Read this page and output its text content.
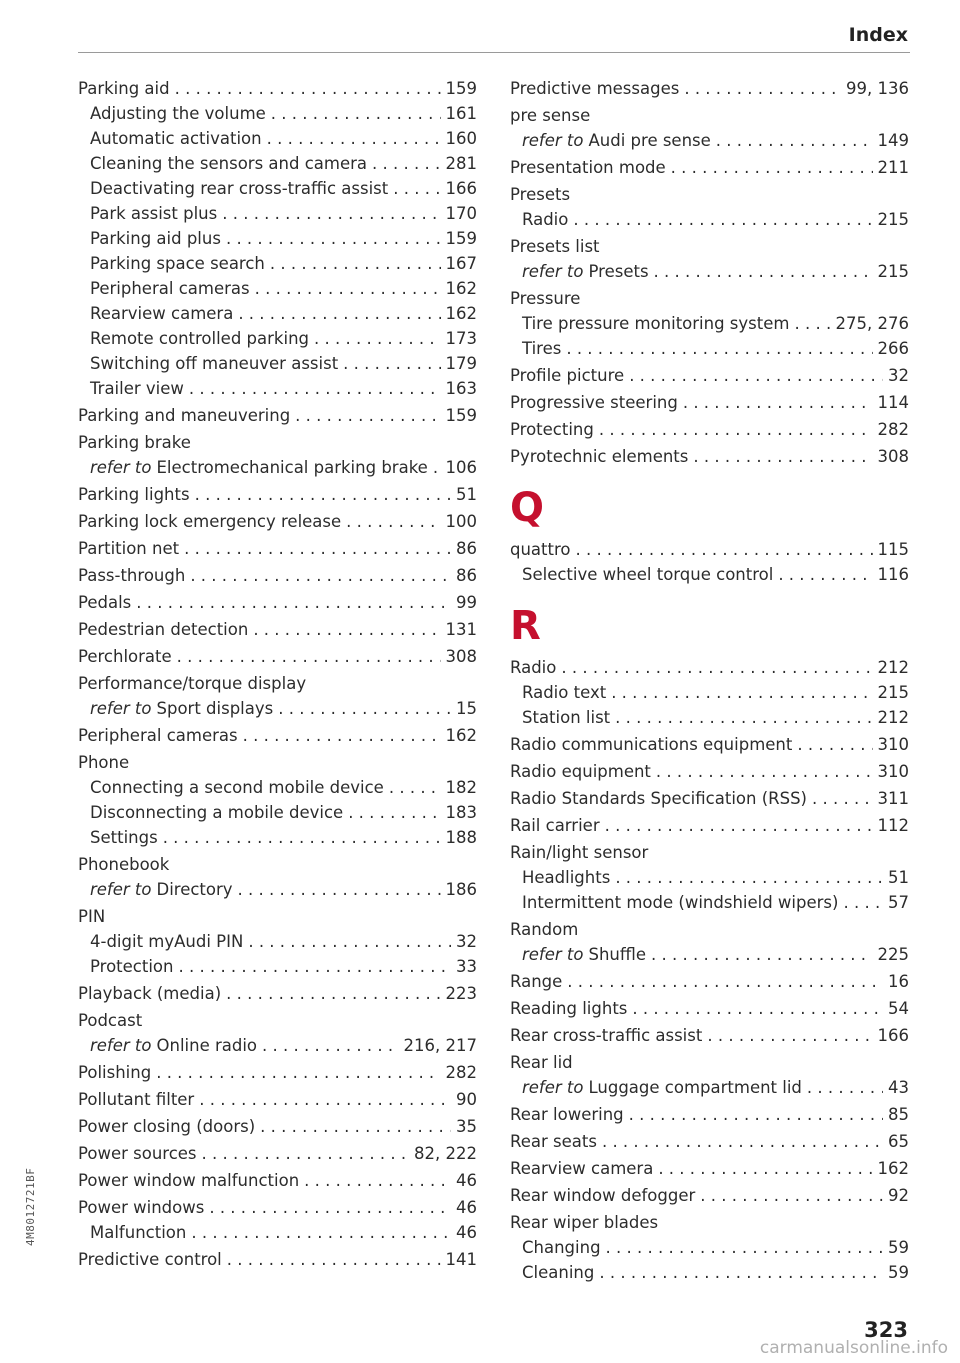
Index
Parking aid . . .	159
Adjusting the volume . . .	161
Automatic activation . . .	160
Cleaning the sensors and camera . . .	281
Deactivating rear cross-traffic assist . . .	166
Park assist plus . . .	170
Parking aid plus . . .	159
Parking space search . . .	167
Peripheral cameras . . .	162
Rearview camera . . .	162
Remote controlled parking . . .	173
Switching off maneuver assist . . .	179
Trailer view . . .	163
Parking and maneuvering . . .	159
Parking brake
refer to Electromechanical parking brake . . . 106
Parking lights . . .	51
Parking lock emergency release . . .	100
Partition net . . .	86
Pass-through . . .	86
Pedals . . .	99
Pedestrian detection . . .	131
Perchlorate . . .	308
Performance/torque display
refer to Sport displays . . .	15
Peripheral cameras . . .	162
Phone
Connecting a second mobile device . . .	182
Disconnecting a mobile device . . .	183
Settings . . .	188
Phonebook
refer to Directory . . .	186
PIN
4-digit myAudi PIN . . .	32
Protection . . .	33
Playback (media) . . .	223
Podcast
refer to Online radio . . .	216, 217
Polishing . . .	282
Pollutant filter . . .	90
Power closing (doors) . . .	35
Power sources . . .	82, 222
Power window malfunction . . .	46
Power windows . . .	46
Malfunction . . .	46
Predictive control . . .	141
Predictive messages . . .	99, 136
pre sense
refer to Audi pre sense . . .	149
Presentation mode . . .	211
Presets
Radio . . .	215
Presets list
refer to Presets . . .	215
Pressure
Tire pressure monitoring system . . .	275, 276
Tires . . .	266
Profile picture . . .	32
Progressive steering . . .	114
Protecting . . .	282
Pyrotechnic elements . . .	308
Q
quattro . . .	115
Selective wheel torque control . . .	116
R
Radio . . .	212
Radio text . . .	215
Station list . . .	212
Radio communications equipment . . .	310
Radio equipment . . .	310
Radio Standards Specification (RSS) . . .	311
Rail carrier . . .	112
Rain/light sensor
Headlights . . .	51
Intermittent mode (windshield wipers) . . .	57
Random
refer to Shuffle . . .	225
Range . . .	16
Reading lights . . .	54
Rear cross-traffic assist . . .	166
Rear lid
refer to Luggage compartment lid . . .	43
Rear lowering . . .	85
Rear seats . . .	65
Rearview camera . . .	162
Rear window defogger . . .	92
Rear wiper blades
Changing . . .	59
Cleaning . . .	59
4M8012721BF
323
carmanualsonline.info
